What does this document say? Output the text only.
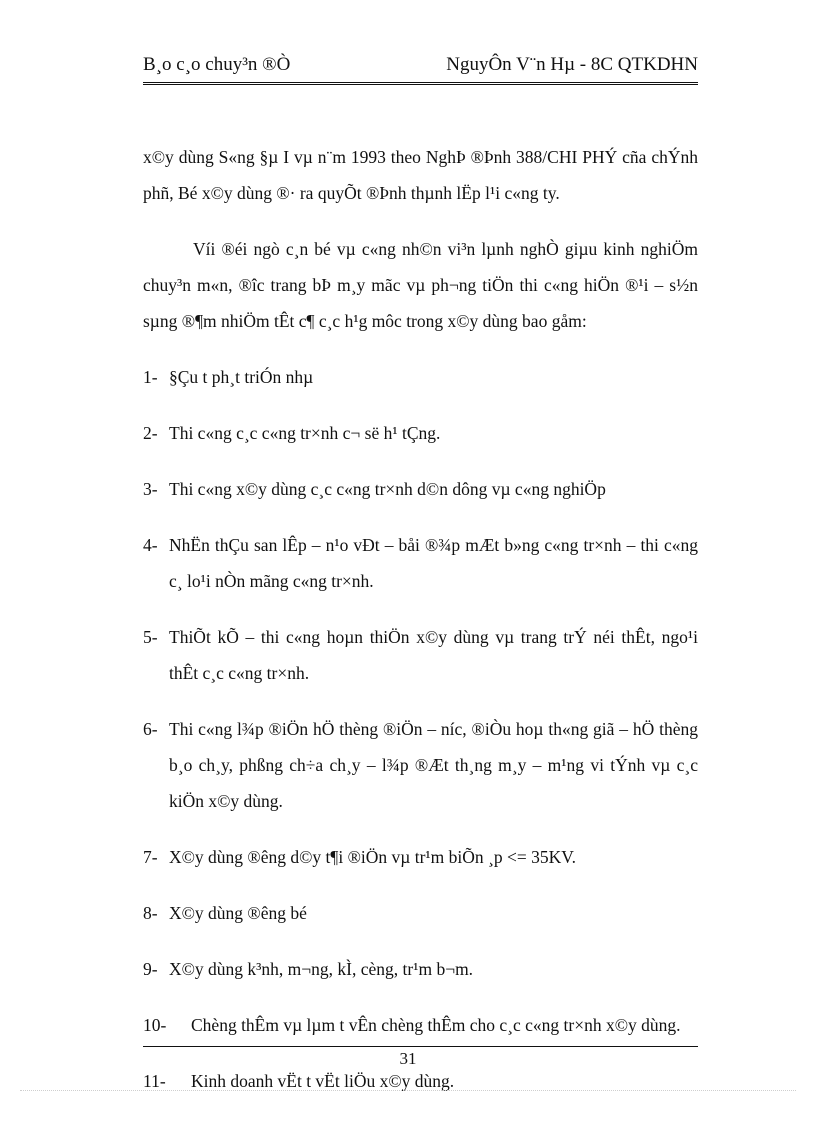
B¸o c¸o chuy³n ®Ò	NguyÔn V¨n Hµ - 8C QTKDHN

x©y dùng S«ng §µ I vµ n¨m 1993 theo NghÞ ®Þnh 388/CHI PHÝ cña chÝnh phñ, Bé x©y dùng ®· ra quyÕt ®Þnh thµnh lËp l¹i c«ng ty.

Víi ®éi ngò c¸n bé vµ c«ng nh©n vi³n lµnh nghÒ giµu kinh nghiÖm chuy³n m«n, ®îc trang bÞ m¸y mãc vµ ph¬ng tiÖn thi c«ng hiÖn ®¹i – s½n sµng ®¶m nhiÖm tÊt c¶ c¸c h¹g môc trong x©y dùng bao gåm:

1- §Çu t ph¸t triÓn nhµ
2- Thi c«ng c¸c c«ng tr×nh c¬ së h¹ tÇng.
3- Thi c«ng x©y dùng c¸c c«ng tr×nh d©n dông vµ c«ng nghiÖp
4- NhËn thÇu san lÊp – n¹o vÐt – båi ®¾p mÆt b»ng c«ng tr×nh – thi c«ng c¸ lo¹i nÒn mãng c«ng tr×nh.
5- ThiÕt kÕ – thi c«ng hoµn thiÖn x©y dùng vµ trang trÝ néi thÊt, ngo¹i thÊt c¸c c«ng tr×nh.
6- Thi c«ng l¾p ®iÖn hÖ thèng ®iÖn – níc, ®iÒu hoµ th«ng giã – hÖ thèng b¸o ch¸y, phßng ch÷a ch¸y – l¾p ®Æt th¸ng m¸y – m¹ng vi tÝnh vµ c¸c kiÖn x©y dùng.
7- X©y dùng ®êng d©y t¶i ®iÖn vµ tr¹m biÕn ¸p <= 35KV.
8- X©y dùng ®êng bé
9- X©y dùng k³nh, m¬ng, kÌ, cèng, tr¹m b¬m.
10-	Chèng thÊm vµ lµm t vÊn chèng thÊm cho c¸c c«ng tr×nh x©y dùng.
11-	Kinh doanh vËt t vËt liÖu x©y dùng.
31
